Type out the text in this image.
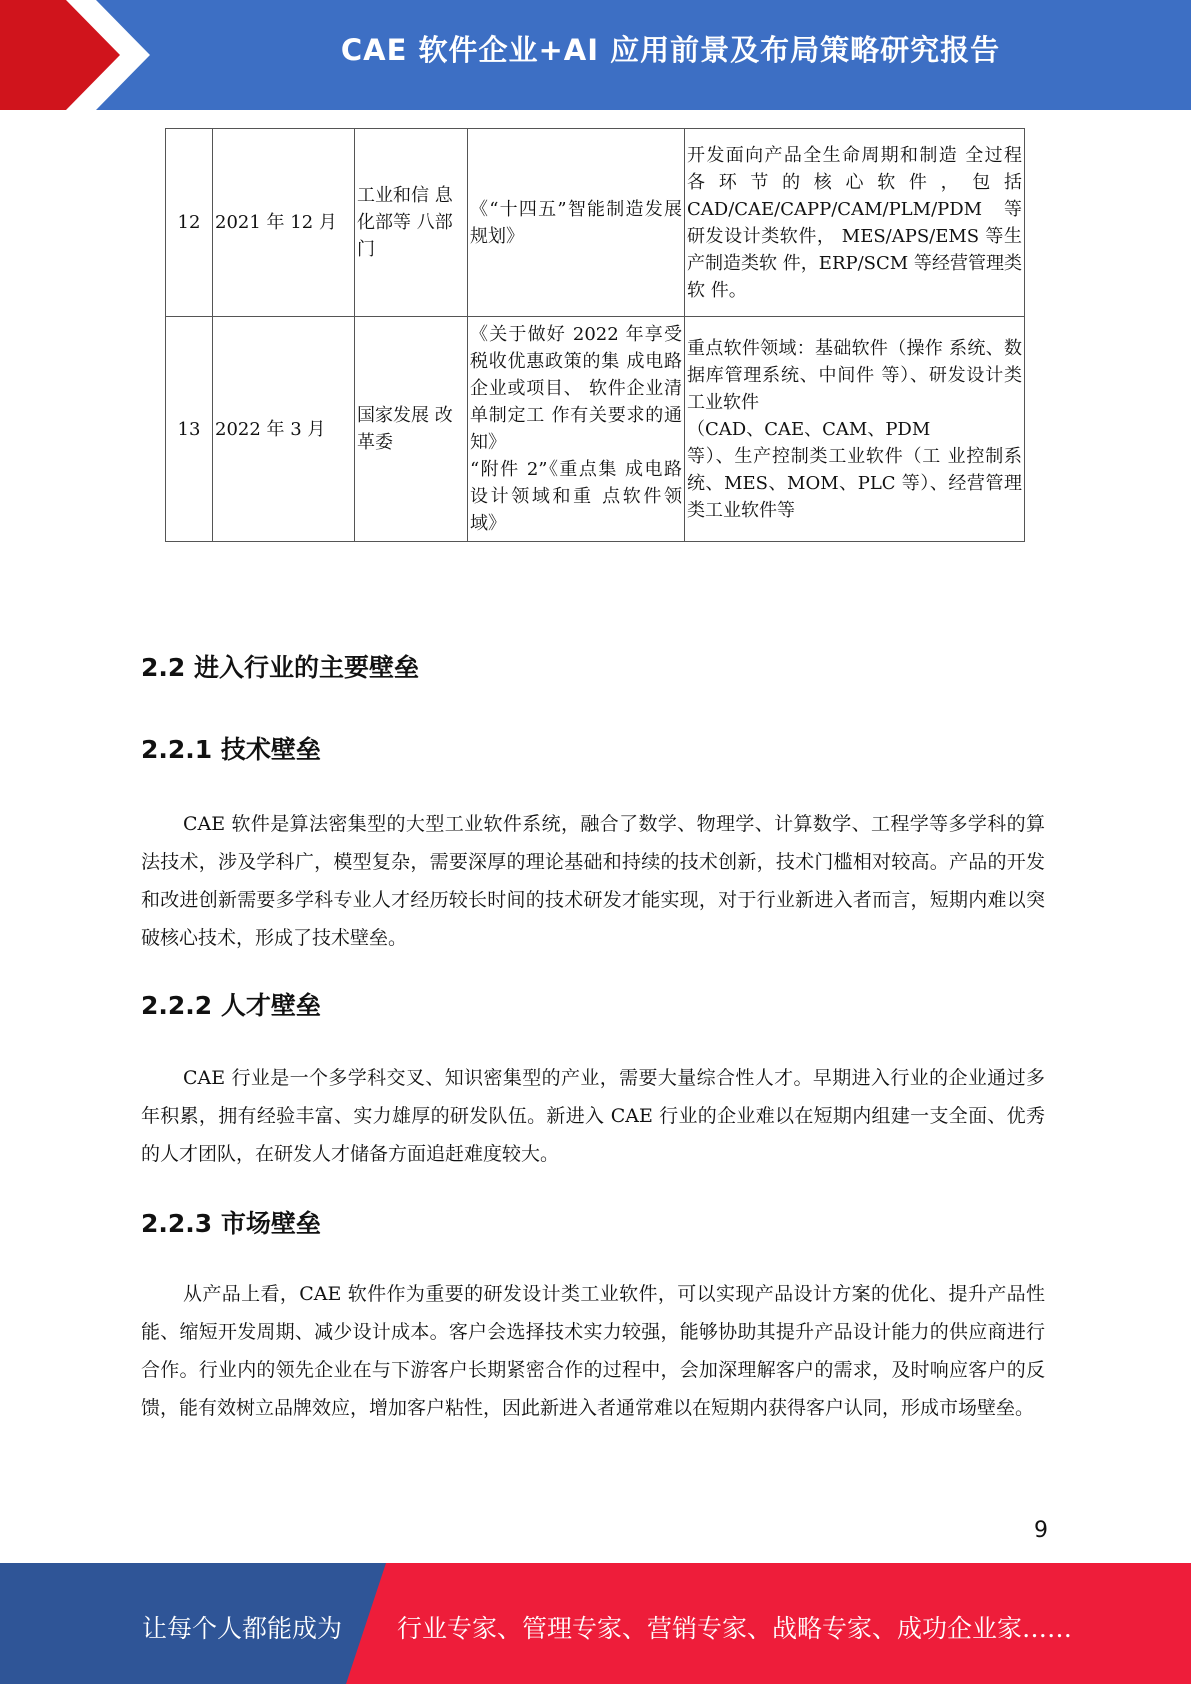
CAE 软件企业+AI 应用前景及布局策略研究报告
12	2021 年 12 月	工业和信 息化部等 八部门	《“十四五”智能制造发展规划》	开发面向产品全生命周期和制造 全过程 各 环 节 的 核 心 软 件 ， 包 括 CAD/CAE/CAPP/CAM/PLM/PDM 等研发设计类软件， MES/APS/EMS 等生产制造类软 件，ERP/SCM 等经营管理类软 件。
13	2022 年 3 月	国家发展 改革委	《关于做好 2022 年享受税收优惠政策的集 成电路企业或项目、 软件企业清单制定工 作有关要求的通知》
“附件 2”《重点集 成电路设计领域和重 点软件领域》	重点软件领域：基础软件（操作 系统、数据库管理系统、中间件 等）、研发设计类工业软件
（CAD、CAE、CAM、PDM
等）、生产控制类工业软件（工 业控制系统、MES、MOM、PLC 等）、经营管理类工业软件等
2.2 进入行业的主要壁垒
2.2.1 技术壁垒

CAE 软件是算法密集型的大型工业软件系统，融合了数学、物理学、计算数学、工程学等多学科的算法技术，涉及学科广，模型复杂，需要深厚的理论基础和持续的技术创新，技术门槛相对较高。产品的开发和改进创新需要多学科专业人才经历较长时间的技术研发才能实现，对于行业新进入者而言，短期内难以突破核心技术，形成了技术壁垒。

2.2.2 人才壁垒

CAE 行业是一个多学科交叉、知识密集型的产业，需要大量综合性人才。早期进入行业的企业通过多年积累，拥有经验丰富、实力雄厚的研发队伍。新进入 CAE 行业的企业难以在短期内组建一支全面、优秀的人才团队，在研发人才储备方面追赶难度较大。

2.2.3 市场壁垒

从产品上看，CAE 软件作为重要的研发设计类工业软件，可以实现产品设计方案的优化、提升产品性能、缩短开发周期、减少设计成本。客户会选择技术实力较强，能够协助其提升产品设计能力的供应商进行合作。行业内的领先企业在与下游客户长期紧密合作的过程中，会加深理解客户的需求，及时响应客户的反馈，能有效树立品牌效应，增加客户粘性，因此新进入者通常难以在短期内获得客户认同，形成市场壁垒。

9
让每个人都能成为 行业专家、管理专家、营销专家、战略专家、成功企业家……
